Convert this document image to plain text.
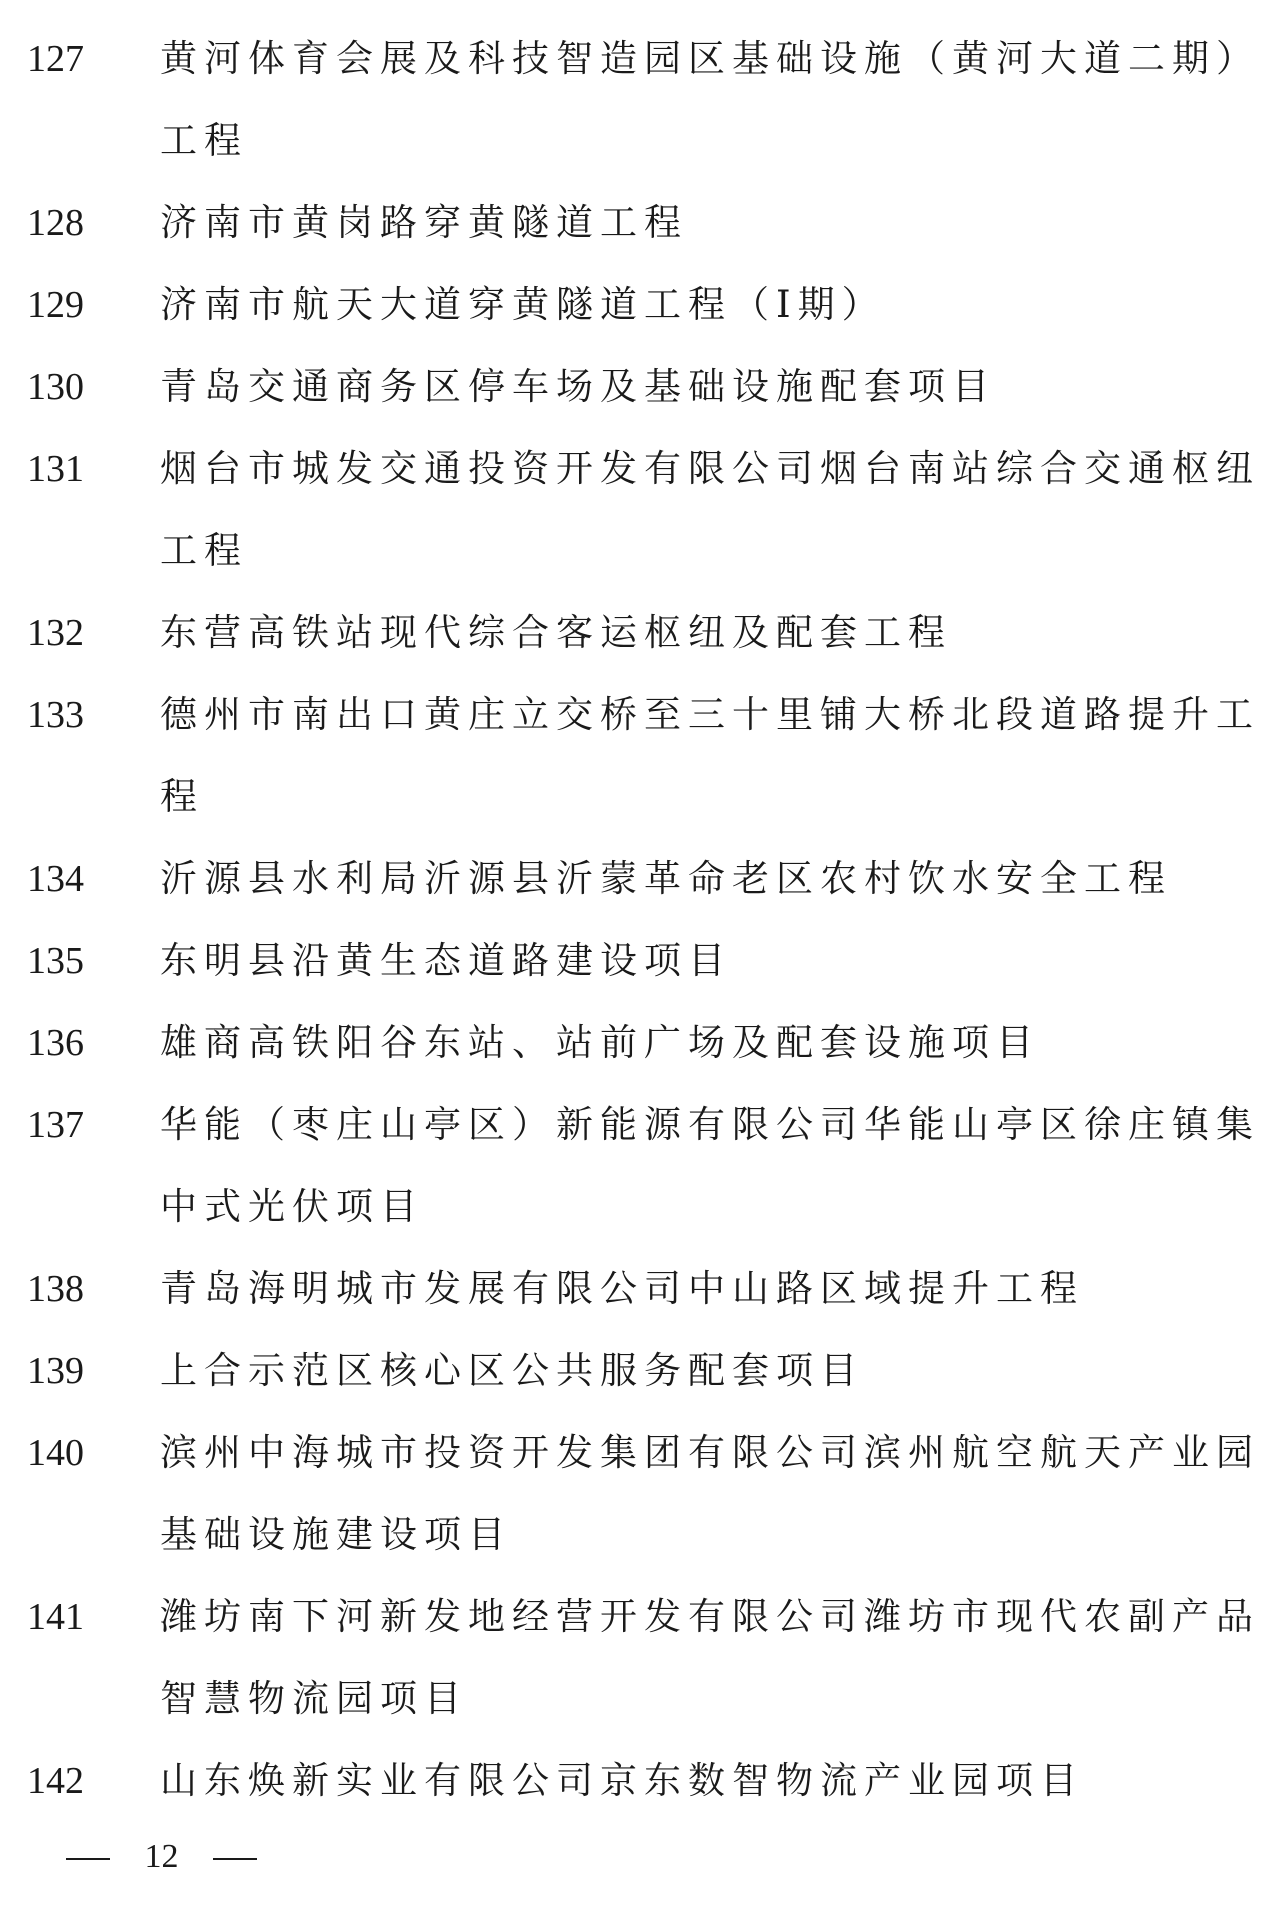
127	黄河体育会展及科技智造园区基础设施（黄河大道二期）工程
128	济南市黄岗路穿黄隧道工程
129	济南市航天大道穿黄隧道工程（I期）
130	青岛交通商务区停车场及基础设施配套项目
131	烟台市城发交通投资开发有限公司烟台南站综合交通枢纽工程
132	东营高铁站现代综合客运枢纽及配套工程
133	德州市南出口黄庄立交桥至三十里铺大桥北段道路提升工程
134	沂源县水利局沂源县沂蒙革命老区农村饮水安全工程
135	东明县沿黄生态道路建设项目
136	雄商高铁阳谷东站、站前广场及配套设施项目
137	华能（枣庄山亭区）新能源有限公司华能山亭区徐庄镇集中式光伏项目
138	青岛海明城市发展有限公司中山路区域提升工程
139	上合示范区核心区公共服务配套项目
140	滨州中海城市投资开发集团有限公司滨州航空航天产业园基础设施建设项目
141	潍坊南下河新发地经营开发有限公司潍坊市现代农副产品智慧物流园项目
142	山东焕新实业有限公司京东数智物流产业园项目
12
